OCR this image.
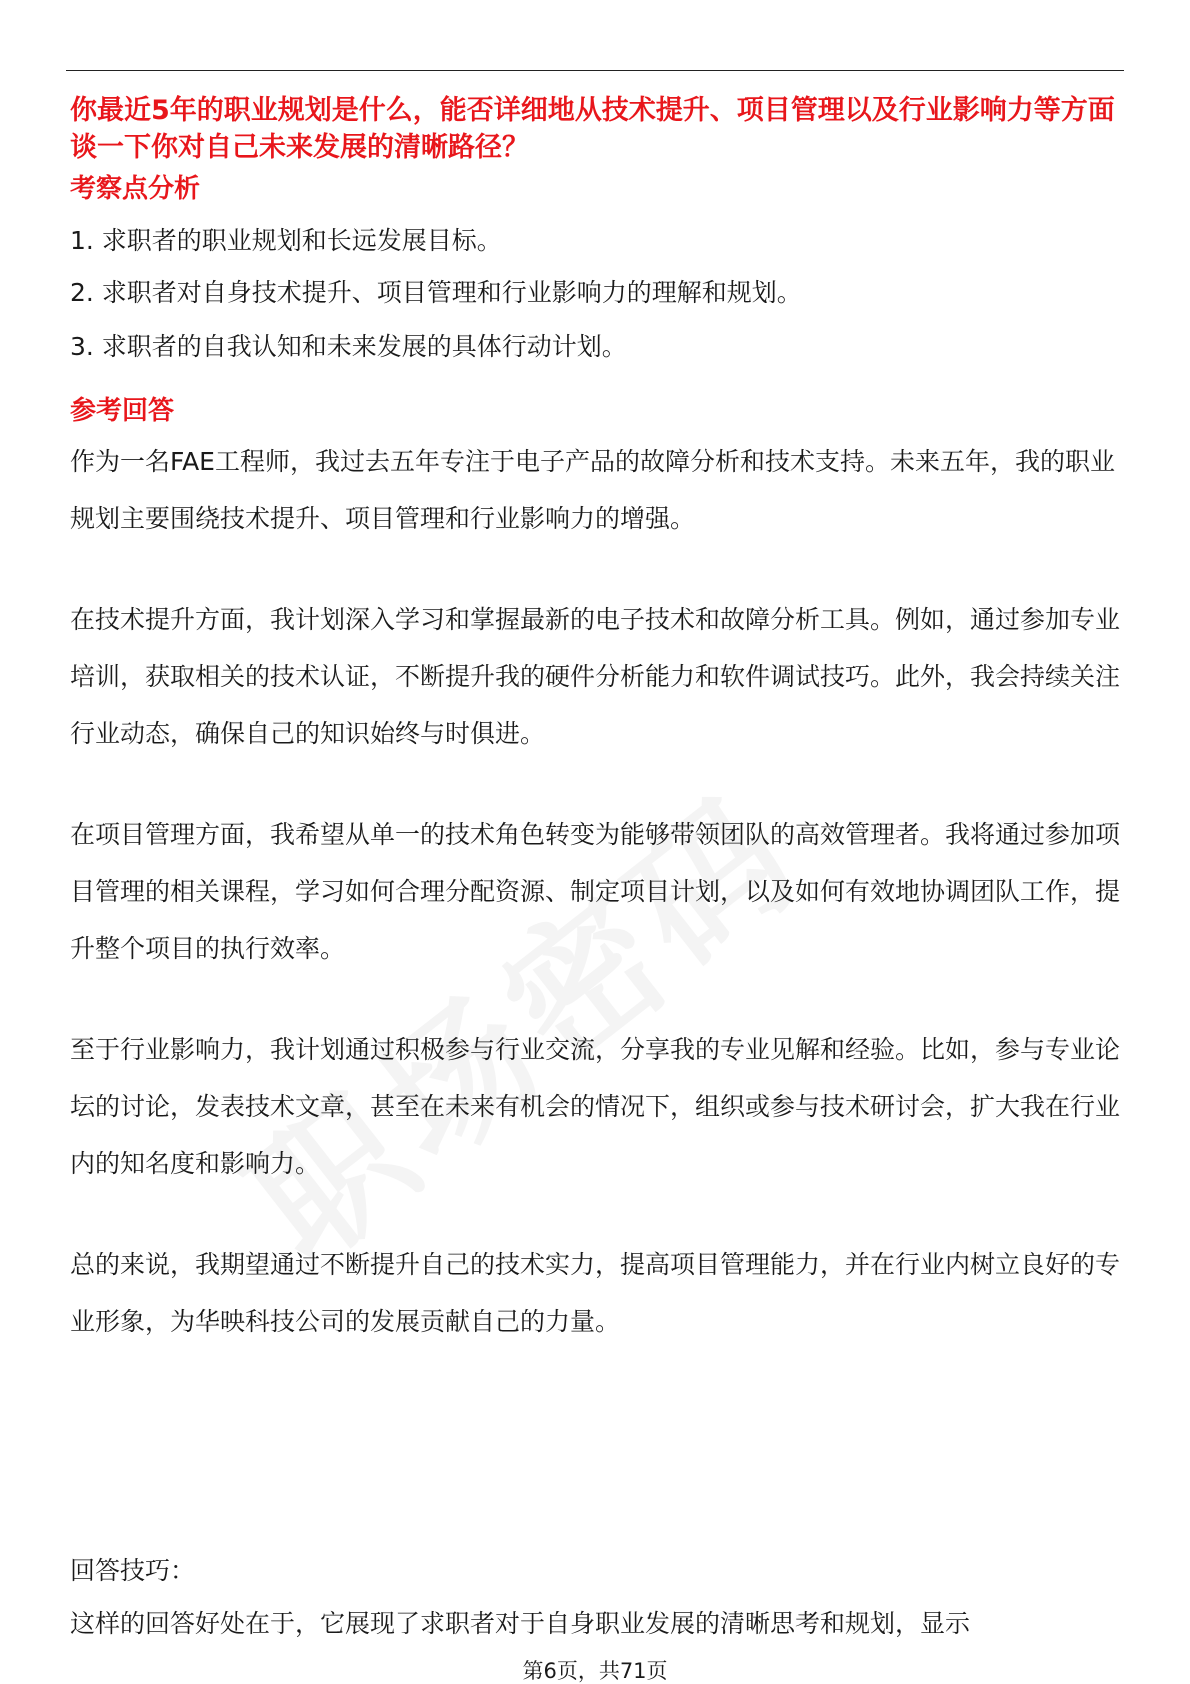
你最近5年的职业规划是什么，能否详细地从技术提升、项目管理以及行业影响力等方面谈一下你对自己未来发展的清晰路径？

考察点分析

1. 求职者的职业规划和长远发展目标。

2. 求职者对自身技术提升、项目管理和行业影响力的理解和规划。

3. 求职者的自我认知和未来发展的具体行动计划。

参考回答

作为一名FAE工程师，我过去五年专注于电子产品的故障分析和技术支持。未来五年，我的职业规划主要围绕技术提升、项目管理和行业影响力的增强。

在技术提升方面，我计划深入学习和掌握最新的电子技术和故障分析工具。例如，通过参加专业培训，获取相关的技术认证，不断提升我的硬件分析能力和软件调试技巧。此外，我会持续关注行业动态，确保自己的知识始终与时俱进。

在项目管理方面，我希望从单一的技术角色转变为能够带领团队的高效管理者。我将通过参加项目管理的相关课程，学习如何合理分配资源、制定项目计划，以及如何有效地协调团队工作，提升整个项目的执行效率。

至于行业影响力，我计划通过积极参与行业交流，分享我的专业见解和经验。比如，参与专业论坛的讨论，发表技术文章，甚至在未来有机会的情况下，组织或参与技术研讨会，扩大我在行业内的知名度和影响力。

总的来说，我期望通过不断提升自己的技术实力，提高项目管理能力，并在行业内树立良好的专业形象，为华映科技公司的发展贡献自己的力量。

回答技巧：

这样的回答好处在于，它展现了求职者对于自身职业发展的清晰思考和规划，显示

第6页，共71页
